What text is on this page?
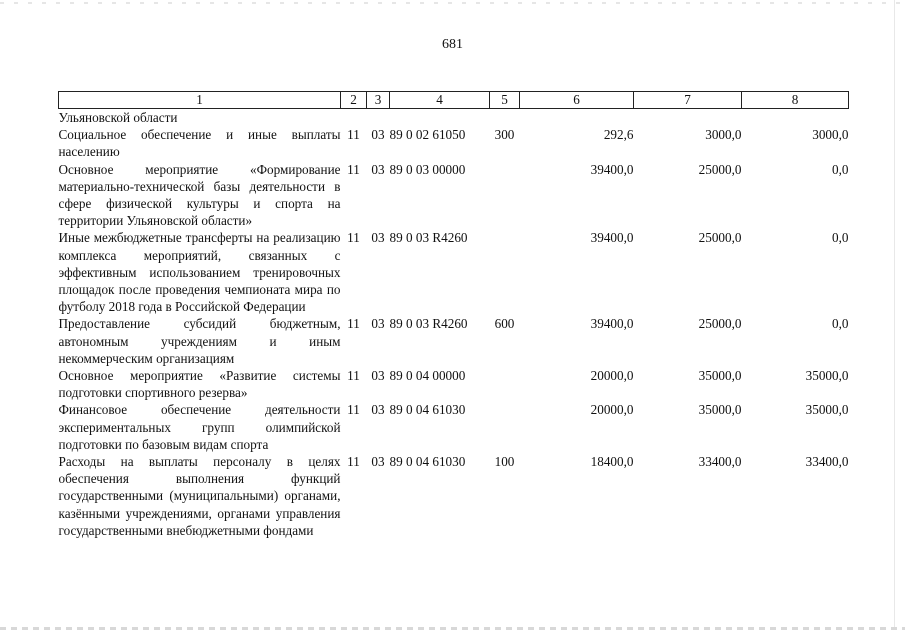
681
1	2	3	4	5	6	7	8
Ульяновской области							
Социальное обеспечение и иные выплаты населению	11	03	89 0 02 61050	300	292,6	3000,0	3000,0
Основное мероприятие «Формирование материально-технической базы деятельности в сфере физической культуры и спорта на территории Ульяновской области»	11	03	89 0 03 00000		39400,0	25000,0	0,0
Иные межбюджетные трансферты на реализацию комплекса мероприятий, связанных с эффективным использованием тренировочных площадок после проведения чемпионата мира по футболу 2018 года в Российской Федерации	11	03	89 0 03 R4260		39400,0	25000,0	0,0
Предоставление субсидий бюджетным, автономным учреждениям и иным некоммерческим организациям	11	03	89 0 03 R4260	600	39400,0	25000,0	0,0
Основное мероприятие «Развитие системы подготовки спортивного резерва»	11	03	89 0 04 00000		20000,0	35000,0	35000,0
Финансовое обеспечение деятельности экспериментальных групп олимпийской подготовки по базовым видам спорта	11	03	89 0 04 61030		20000,0	35000,0	35000,0
Расходы на выплаты персоналу в целях обеспечения выполнения функций государственными (муниципальными) органами, казёнными учреждениями, органами управления государственными внебюджетными фондами	11	03	89 0 04 61030	100	18400,0	33400,0	33400,0
